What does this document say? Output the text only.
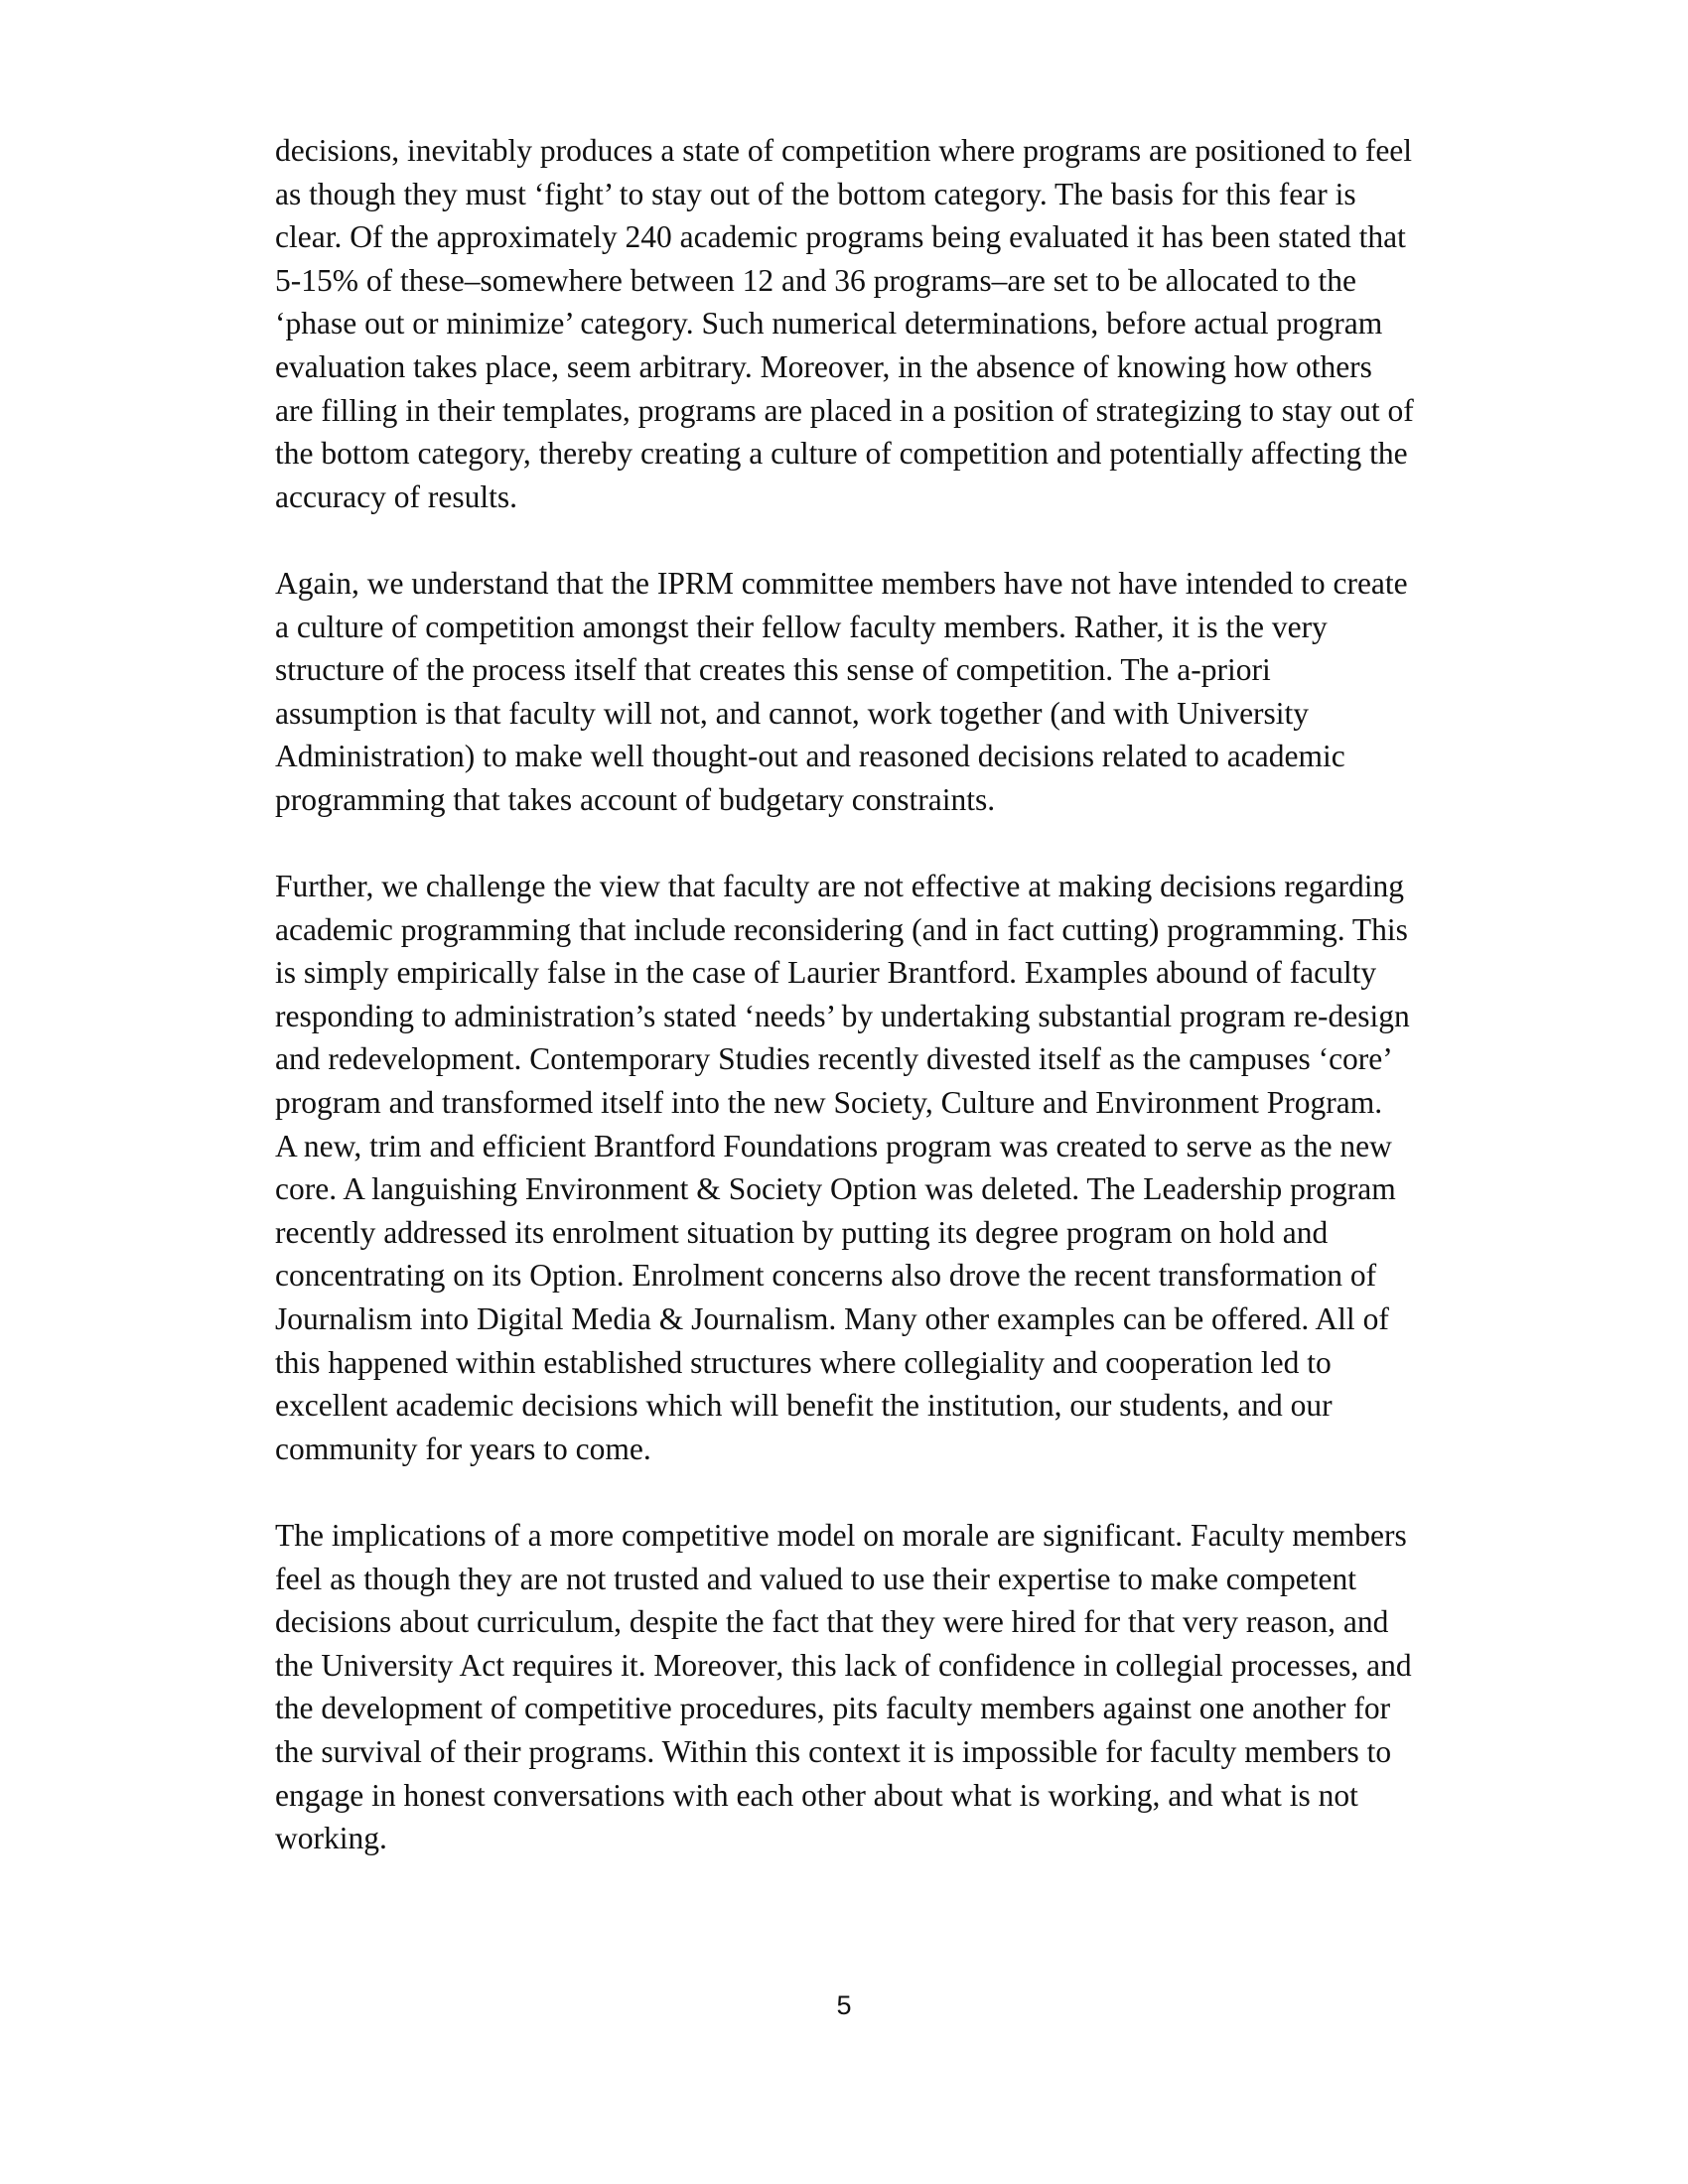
decisions, inevitably produces a state of competition where programs are positioned to feel
as though they must ‘fight’ to stay out of the bottom category. The basis for this fear is
clear. Of the approximately 240 academic programs being evaluated it has been stated that
5-15% of these–somewhere between 12 and 36 programs–are set to be allocated to the
‘phase out or minimize’ category. Such numerical determinations, before actual program
evaluation takes place, seem arbitrary. Moreover, in the absence of knowing how others
are filling in their templates, programs are placed in a position of strategizing to stay out of
the bottom category, thereby creating a culture of competition and potentially affecting the
accuracy of results.

Again, we understand that the IPRM committee members have not have intended to create
a culture of competition amongst their fellow faculty members. Rather, it is the very
structure of the process itself that creates this sense of competition. The a-priori
assumption is that faculty will not, and cannot, work together (and with University
Administration) to make well thought-out and reasoned decisions related to academic
programming that takes account of budgetary constraints.

Further, we challenge the view that faculty are not effective at making decisions regarding
academic programming that include reconsidering (and in fact cutting) programming. This
is simply empirically false in the case of Laurier Brantford. Examples abound of faculty
responding to administration’s stated ‘needs’ by undertaking substantial program re-design
and redevelopment. Contemporary Studies recently divested itself as the campuses ‘core’
program and transformed itself into the new Society, Culture and Environment Program.
A new, trim and efficient Brantford Foundations program was created to serve as the new
core. A languishing Environment & Society Option was deleted. The Leadership program
recently addressed its enrolment situation by putting its degree program on hold and
concentrating on its Option. Enrolment concerns also drove the recent transformation of
Journalism into Digital Media & Journalism. Many other examples can be offered. All of
this happened within established structures where collegiality and cooperation led to
excellent academic decisions which will benefit the institution, our students, and our
community for years to come.

The implications of a more competitive model on morale are significant. Faculty members
feel as though they are not trusted and valued to use their expertise to make competent
decisions about curriculum, despite the fact that they were hired for that very reason, and
the University Act requires it. Moreover, this lack of confidence in collegial processes, and
the development of competitive procedures, pits faculty members against one another for
the survival of their programs. Within this context it is impossible for faculty members to
engage in honest conversations with each other about what is working, and what is not
working.

5
